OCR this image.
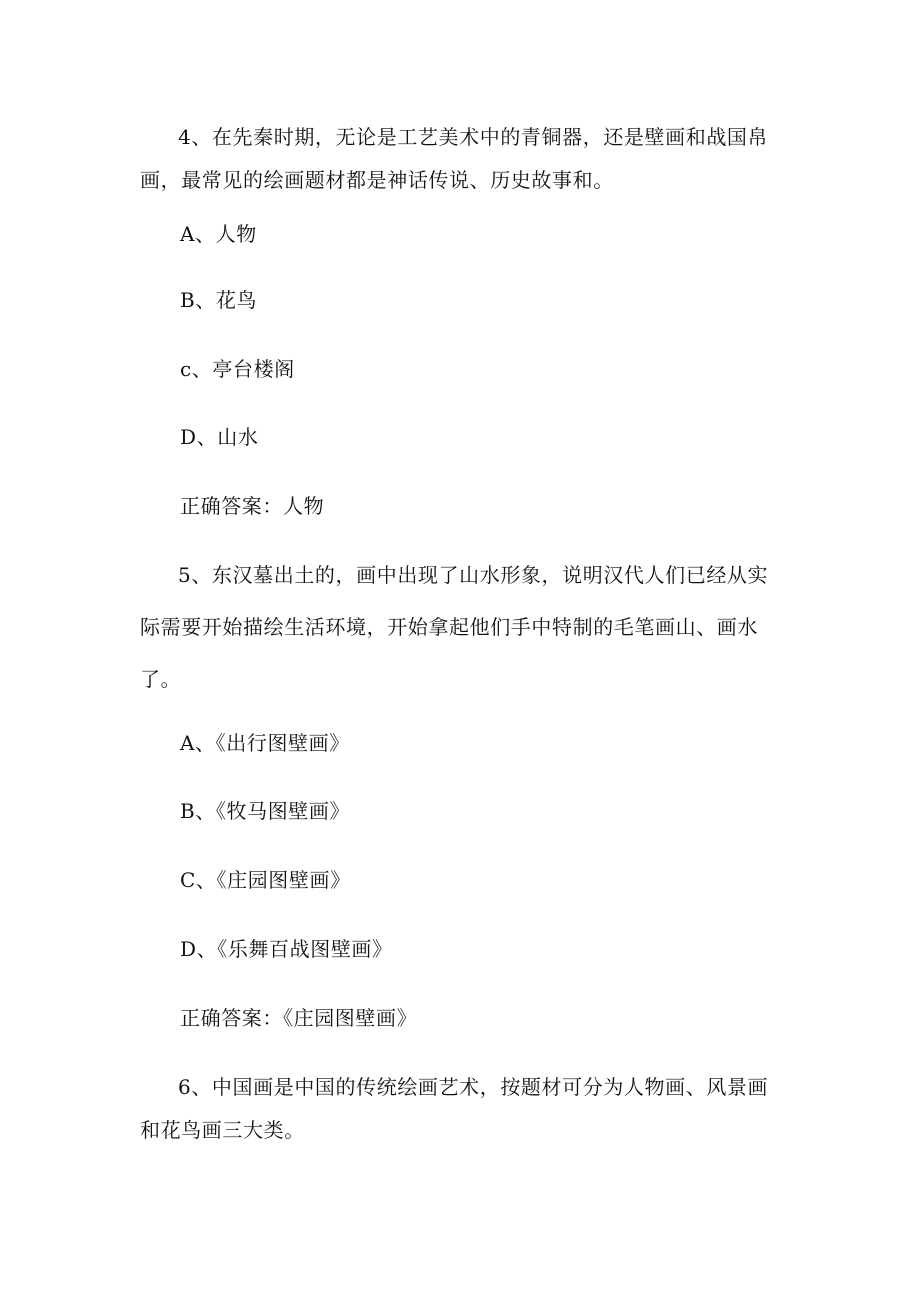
4、在先秦时期，无论是工艺美术中的青铜器，还是壁画和战国帛画，最常见的绘画题材都是神话传说、历史故事和。

A、人物

B、花鸟

c、亭台楼阁

D、山水

正确答案：人物

5、东汉墓出土的，画中出现了山水形象，说明汉代人们已经从实际需要开始描绘生活环境，开始拿起他们手中特制的毛笔画山、画水了。

A、《出行图壁画》

B、《牧马图壁画》

C、《庄园图壁画》

D、《乐舞百战图壁画》

正确答案：《庄园图壁画》

6、中国画是中国的传统绘画艺术，按题材可分为人物画、风景画和花鸟画三大类。
